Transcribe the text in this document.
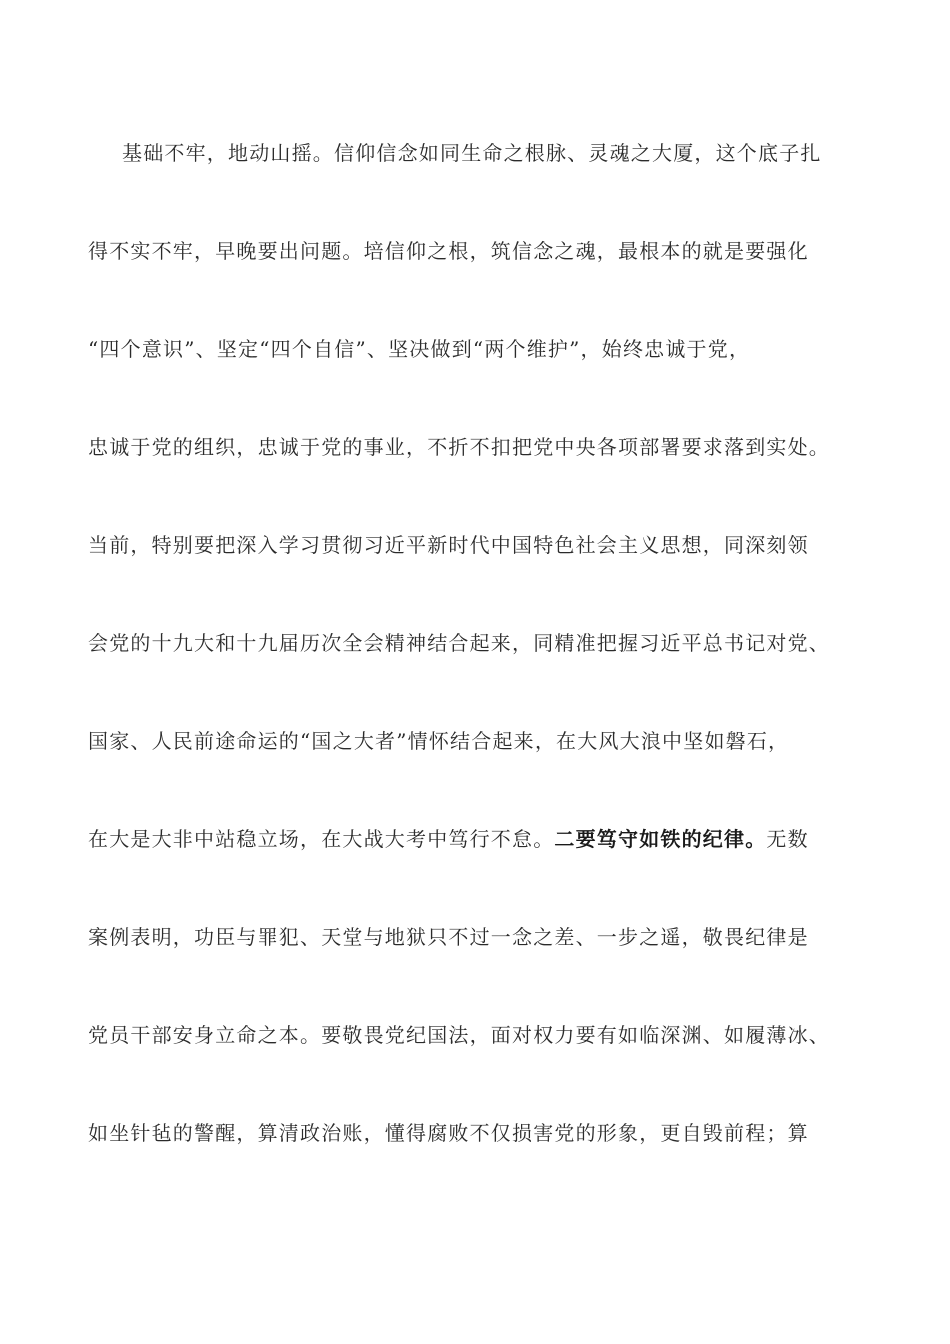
基础不牢，地动山摇。信仰信念如同生命之根脉、灵魂之大厦，这个底子扎
得不实不牢，早晚要出问题。培信仰之根，筑信念之魂，最根本的就是要强化
“四个意识”、坚定“四个自信”、坚决做到“两个维护”，始终忠诚于党，
忠诚于党的组织，忠诚于党的事业，不折不扣把党中央各项部署要求落到实处。
当前，特别要把深入学习贯彻习近平新时代中国特色社会主义思想，同深刻领
会党的十九大和十九届历次全会精神结合起来，同精准把握习近平总书记对党、
国家、人民前途命运的“国之大者”情怀结合起来，在大风大浪中坚如磐石，
在大是大非中站稳立场，在大战大考中笃行不怠。二要笃守如铁的纪律。无数
案例表明，功臣与罪犯、天堂与地狱只不过一念之差、一步之遥，敬畏纪律是
党员干部安身立命之本。要敬畏党纪国法，面对权力要有如临深渊、如履薄冰、
如坐针毡的警醒，算清政治账，懂得腐败不仅损害党的形象，更自毁前程；算
